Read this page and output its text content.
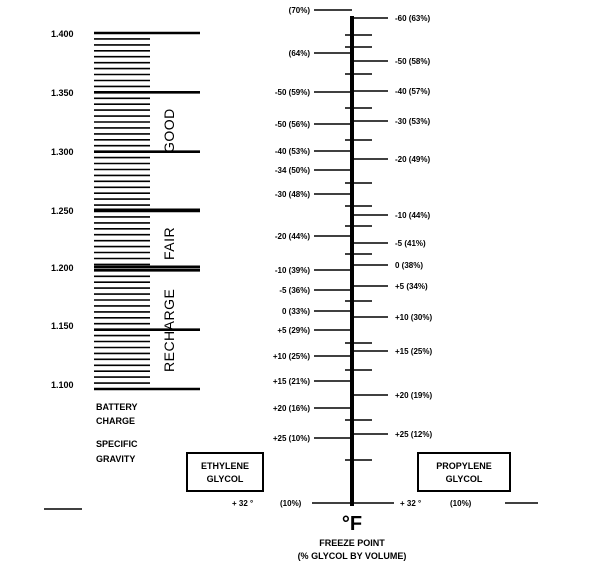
1.400
1.350
1.300
1.250
1.200
1.150
1.100
GOOD
FAIR
RECHARGE
BATTERY
CHARGE
SPECIFIC
GRAVITY
(70%)
(64%)
-50 (59%)
-50 (56%)
-40 (53%)
-34 (50%)
-30 (48%)
-20 (44%)
-10 (39%)
-5 (36%)
0 (33%)
+5 (29%)
+10 (25%)
+15 (21%)
+20 (16%)
+25 (10%)
-60 (63%)
-50 (58%)
-40 (57%)
-30 (53%)
-20 (49%)
-10 (44%)
-5 (41%)
0 (38%)
+5 (34%)
+10 (30%)
+15 (25%)
+20 (19%)
+25 (12%)
ETHYLENE
GLYCOL
PROPYLENE
GLYCOL
+ 32 °	(10%)	+ 32 °	(10%)
°F
FREEZE POINT
(% GLYCOL BY VOLUME)
